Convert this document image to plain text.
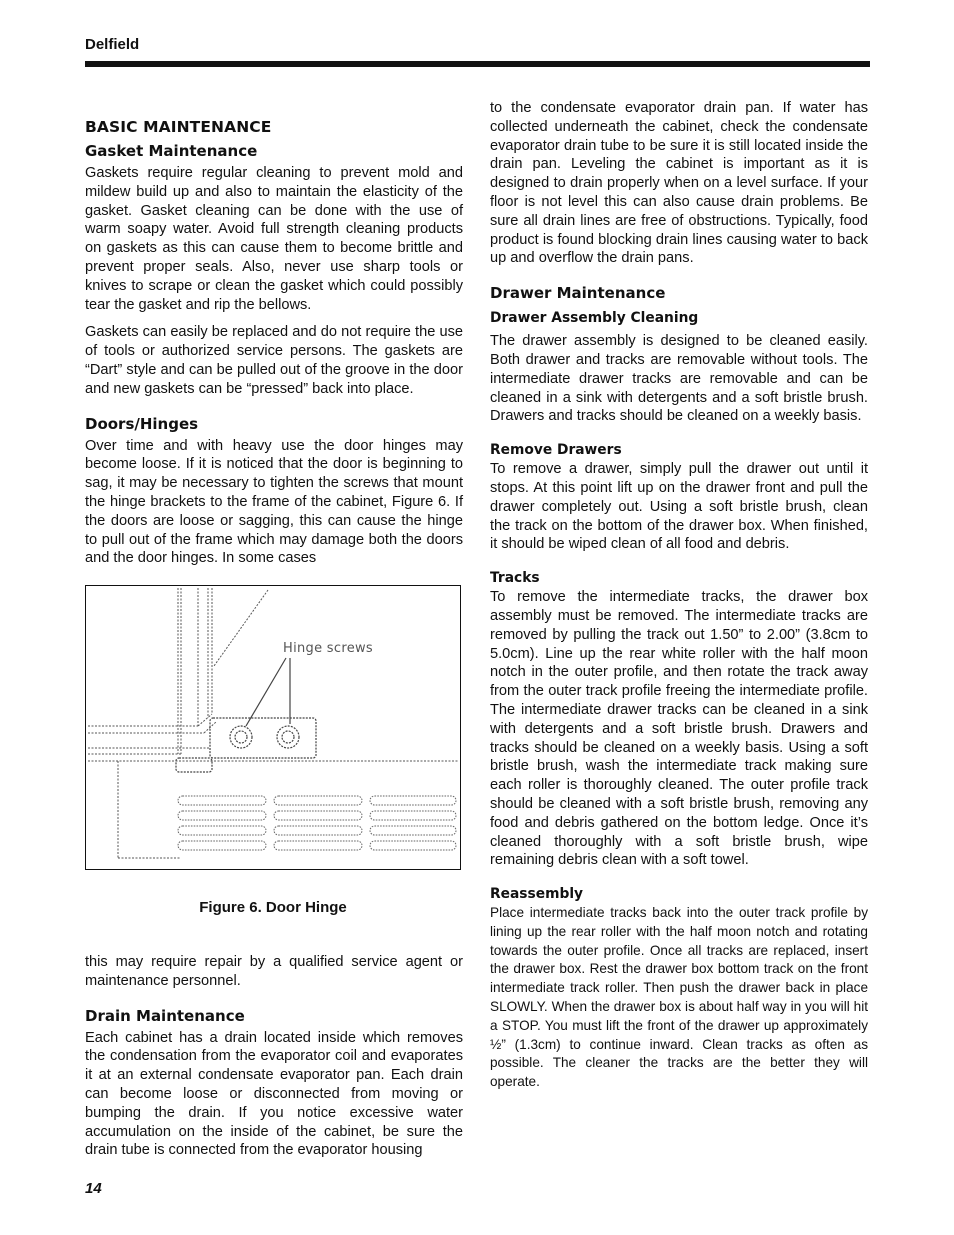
Delfield
BASIC MAINTENANCE
Gasket Maintenance

Gaskets require regular cleaning to prevent mold and mildew build up and also to maintain the elasticity of the gasket. Gasket cleaning can be done with the use of warm soapy water. Avoid full strength cleaning products on gaskets as this can cause them to become brittle and prevent proper seals. Also, never use sharp tools or knives to scrape or clean the gasket which could possibly tear the gasket and rip the bellows.

Gaskets can easily be replaced and do not require the use of tools or authorized service persons. The gaskets are “Dart” style and can be pulled out of the groove in the door and new gaskets can be “pressed” back into place.

Doors/Hinges

Over time and with heavy use the door hinges may become loose. If it is noticed that the door is beginning to sag, it may be necessary to tighten the screws that mount the hinge brackets to the frame of the cabinet, Figure 6. If the doors are loose or sagging, this can cause the hinge to pull out of the frame which may damage both the doors and the door hinges. In some cases

Hinge screws
Figure 6. Door Hinge

this may require repair by a qualified service agent or maintenance personnel.

Drain Maintenance

Each cabinet has a drain located inside which removes the condensation from the evaporator coil and evaporates it at an external condensate evaporator pan. Each drain can become loose or disconnected from moving or bumping the drain. If you notice excessive water accumulation on the inside of the cabinet, be sure the drain tube is connected from the evaporator housing

to the condensate evaporator drain pan. If water has collected underneath the cabinet, check the condensate evaporator drain tube to be sure it is still located inside the drain pan. Leveling the cabinet is important as it is designed to drain properly when on a level surface. If your floor is not level this can also cause drain problems. Be sure all drain lines are free of obstructions. Typically, food product is found blocking drain lines causing water to back up and overflow the drain pans.

Drawer Maintenance
Drawer Assembly Cleaning

The drawer assembly is designed to be cleaned easily. Both drawer and tracks are removable without tools. The intermediate drawer tracks are removable and can be cleaned in a sink with detergents and a soft bristle brush. Drawers and tracks should be cleaned on a weekly basis.

Remove Drawers

To remove a drawer, simply pull the drawer out until it stops. At this point lift up on the drawer front and pull the drawer completely out. Using a soft bristle brush, clean the track on the bottom of the drawer box. When finished, it should be wiped clean of all food and debris.

Tracks

To remove the intermediate tracks, the drawer box assembly must be removed. The intermediate tracks are removed by pulling the track out 1.50” to 2.00” (3.8cm to 5.0cm). Line up the rear white roller with the half moon notch in the outer profile, and then rotate the track away from the outer track profile freeing the intermediate profile. The intermediate drawer tracks can be cleaned in a sink with detergents and a soft bristle brush. Drawers and tracks should be cleaned on a weekly basis. Using a soft bristle brush, wash the intermediate track making sure each roller is thoroughly cleaned. The outer profile track should be cleaned with a soft bristle brush, removing any food and debris gathered on the bottom ledge. Once it’s cleaned thoroughly with a soft bristle brush, wipe remaining debris clean with a soft towel.

Reassembly

Place intermediate tracks back into the outer track profile by lining up the rear roller with the half moon notch and rotating towards the outer profile. Once all tracks are replaced, insert the drawer box. Rest the drawer box bottom track on the front intermediate track roller. Then push the drawer back in place SLOWLY. When the drawer box is about half way in you will hit a STOP. You must lift the front of the drawer up approximately ½” (1.3cm) to continue inward. Clean tracks as often as possible. The cleaner the tracks are the better they will operate.

14
